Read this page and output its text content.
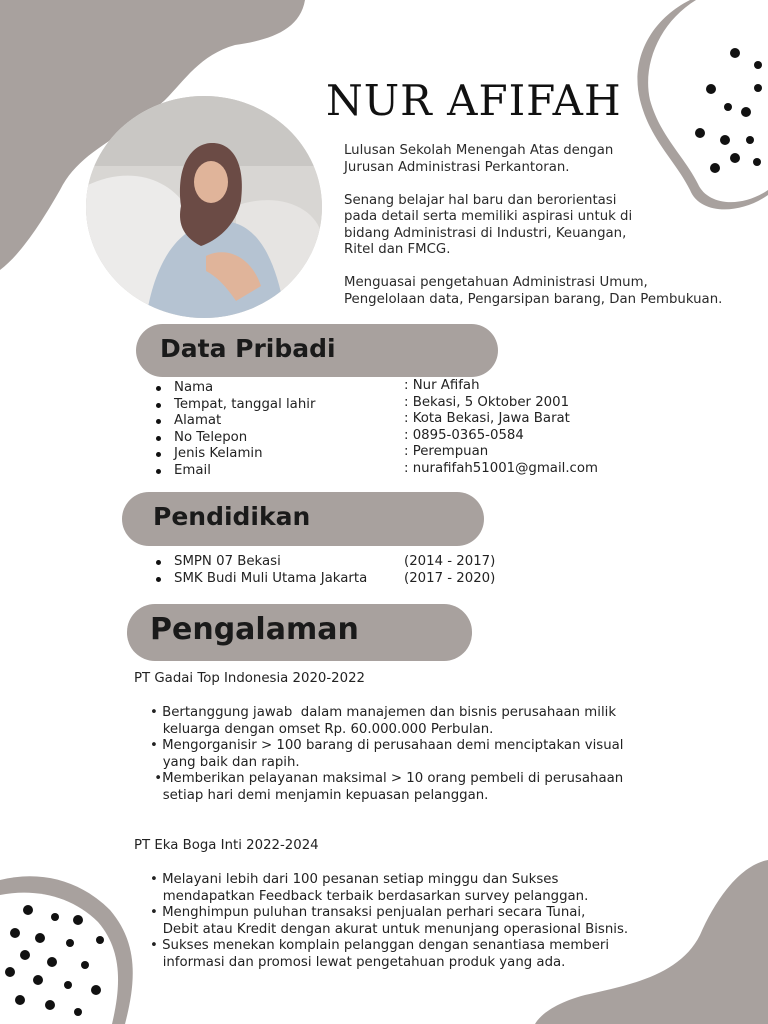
NUR AFIFAH

Lulusan Sekolah Menengah Atas dengan
Jurusan Administrasi Perkantoran.

Senang belajar hal baru dan berorientasi
pada detail serta memiliki aspirasi untuk di
bidang Administrasi di Industri, Keuangan,
Ritel dan FMCG.

Menguasai pengetahuan Administrasi Umum,
Pengelolaan data, Pengarsipan barang, Dan Pembukuan.

Data Pribadi
Nama
Tempat, tanggal lahir
Alamat
No Telepon
Jenis Kelamin
Email
: Nur Afifah
: Bekasi, 5 Oktober 2001
: Kota Bekasi, Jawa Barat
: 0895-0365-0584
: Perempuan
: nurafifah51001@gmail.com
Pendidikan
SMPN 07 Bekasi
SMK Budi Muli Utama Jakarta
(2014 - 2017)
(2017 - 2020)
Pengalaman
PT Gadai Top Indonesia 2020-2022
• Bertanggung jawab  dalam manajemen dan bisnis perusahaan milik
keluarga dengan omset Rp. 60.000.000 Perbulan.
• Mengorganisir > 100 barang di perusahaan demi menciptakan visual
yang baik dan rapih.
•Memberikan pelayanan maksimal > 10 orang pembeli di perusahaan
setiap hari demi menjamin kepuasan pelanggan.
PT Eka Boga Inti 2022-2024
• Melayani lebih dari 100 pesanan setiap minggu dan Sukses
mendapatkan Feedback terbaik berdasarkan survey pelanggan.
• Menghimpun puluhan transaksi penjualan perhari secara Tunai,
Debit atau Kredit dengan akurat untuk menunjang operasional Bisnis.
• Sukses menekan komplain pelanggan dengan senantiasa memberi
informasi dan promosi lewat pengetahuan produk yang ada.
